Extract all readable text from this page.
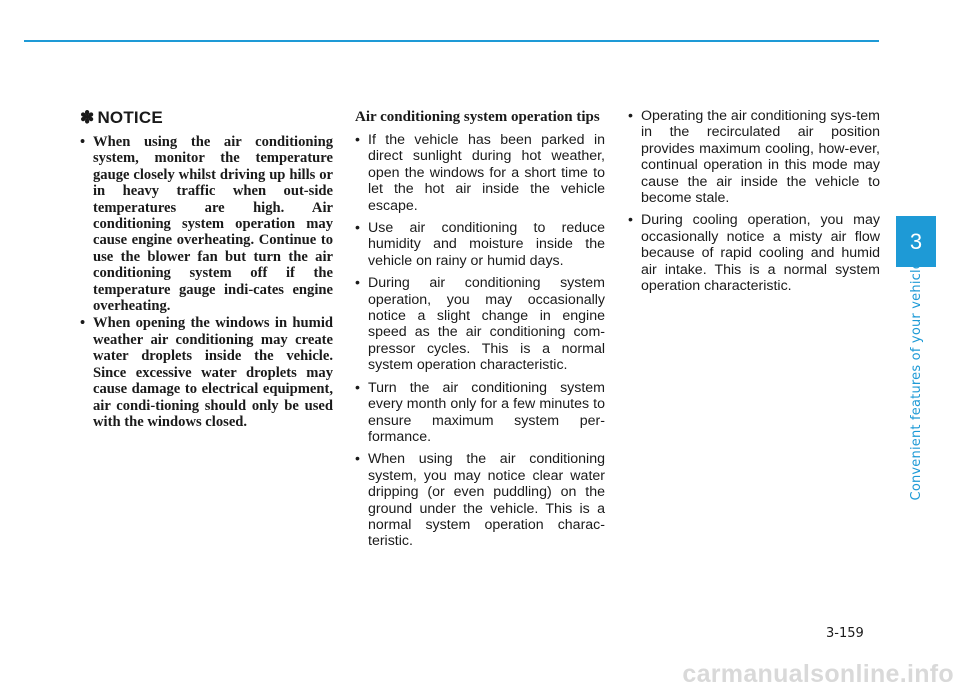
3
Convenient features of your vehicle
✽ NOTICE
• When using the air conditioning system, monitor the temperature gauge closely whilst driving up hills or in heavy traffic when out-side temperatures are high. Air conditioning system operation may cause engine overheating. Continue to use the blower fan but turn the air conditioning system off if the temperature gauge indi-cates engine overheating.
• When opening the windows in humid weather air conditioning may create water droplets inside the vehicle. Since excessive water droplets may cause damage to electrical equipment, air condi-tioning should only be used with the windows closed.
Air conditioning system operation tips
• If the vehicle has been parked in direct sunlight during hot weather, open the windows for a short time to let the hot air inside the vehicle escape.
• Use air conditioning to reduce humidity and moisture inside the vehicle on rainy or humid days.
• During air conditioning system operation, you may occasionally notice a slight change in engine speed as the air conditioning com-pressor cycles. This is a normal system operation characteristic.
• Turn the air conditioning system every month only for a few minutes to ensure maximum system per-formance.
• When using the air conditioning system, you may notice clear water dripping (or even puddling) on the ground under the vehicle. This is a normal system operation charac-teristic.
• Operating the air conditioning sys-tem in the recirculated air position provides maximum cooling, how-ever, continual operation in this mode may cause the air inside the vehicle to become stale.
• During cooling operation, you may occasionally notice a misty air flow because of rapid cooling and humid air intake. This is a normal system operation characteristic.
3-159
carmanualsonline.info
